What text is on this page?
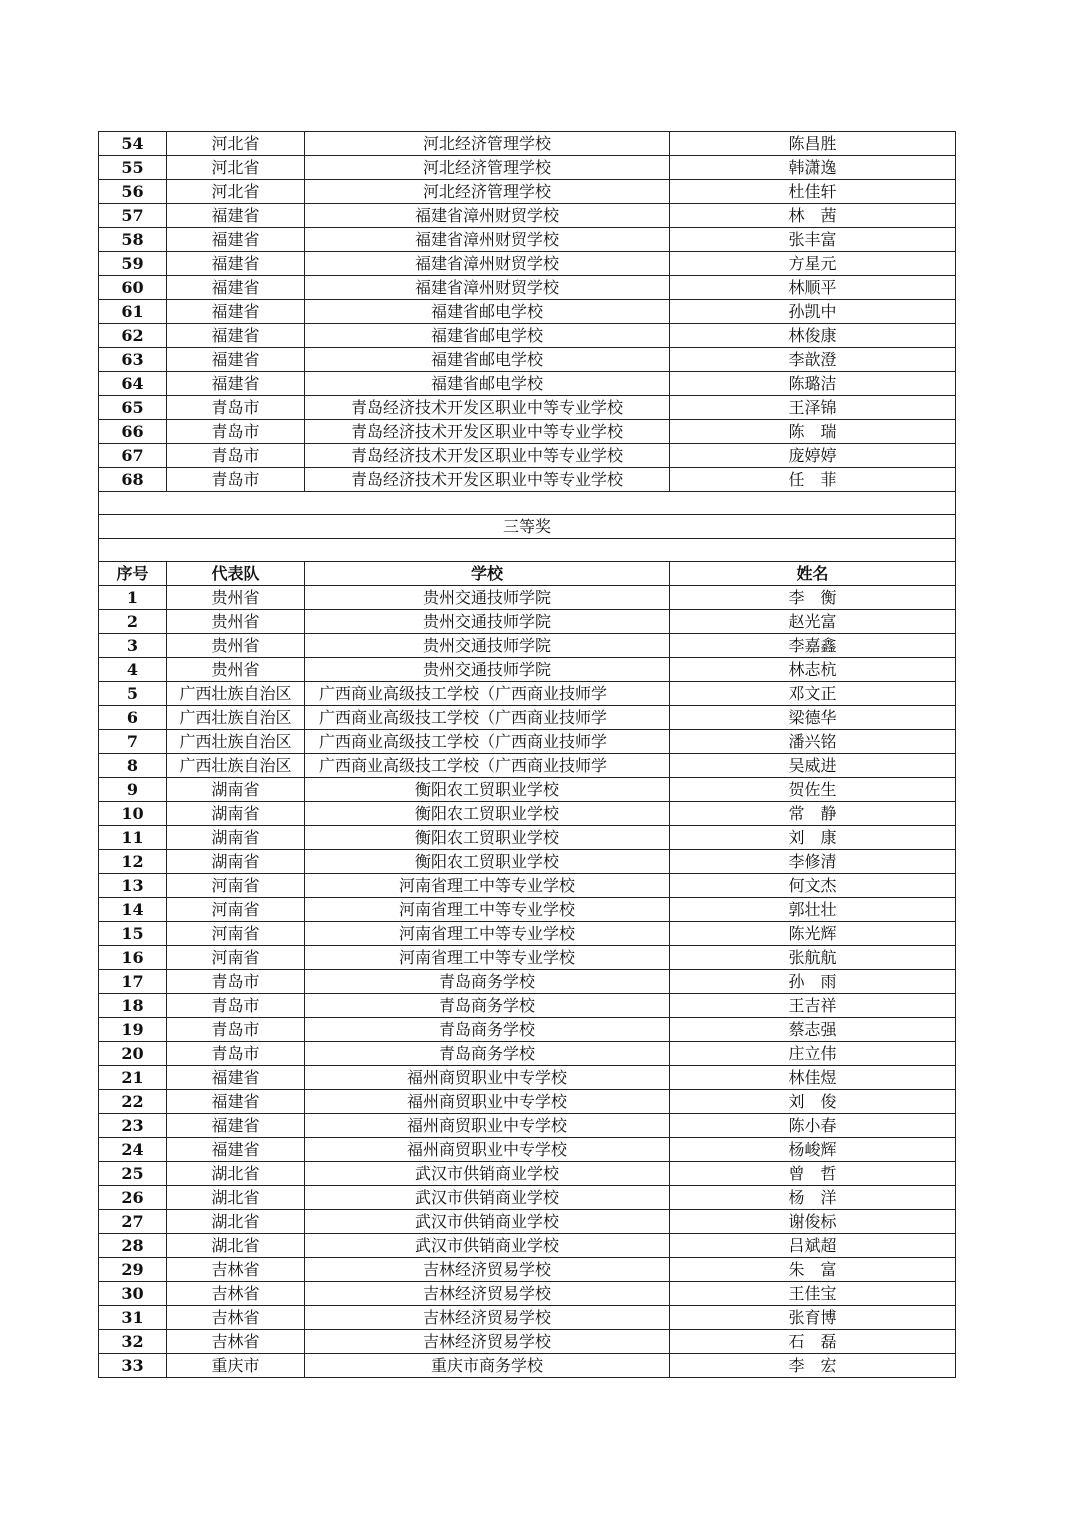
54	河北省	河北经济管理学校	陈昌胜
55	河北省	河北经济管理学校	韩潇逸
56	河北省	河北经济管理学校	杜佳轩
57	福建省	福建省漳州财贸学校	林　茜
58	福建省	福建省漳州财贸学校	张丰富
59	福建省	福建省漳州财贸学校	方星元
60	福建省	福建省漳州财贸学校	林顺平
61	福建省	福建省邮电学校	孙凯中
62	福建省	福建省邮电学校	林俊康
63	福建省	福建省邮电学校	李歆澄
64	福建省	福建省邮电学校	陈璐洁
65	青岛市	青岛经济技术开发区职业中等专业学校	王泽锦
66	青岛市	青岛经济技术开发区职业中等专业学校	陈　瑞
67	青岛市	青岛经济技术开发区职业中等专业学校	庞婷婷
68	青岛市	青岛经济技术开发区职业中等专业学校	任　菲

三等奖			

序号	代表队	学校	姓名
1	贵州省	贵州交通技师学院	李　衡
2	贵州省	贵州交通技师学院	赵光富
3	贵州省	贵州交通技师学院	李嘉鑫
4	贵州省	贵州交通技师学院	林志杭
5	广西壮族自治区	广西商业高级技工学校（广西商业技师学	邓文正
6	广西壮族自治区	广西商业高级技工学校（广西商业技师学	梁德华
7	广西壮族自治区	广西商业高级技工学校（广西商业技师学	潘兴铭
8	广西壮族自治区	广西商业高级技工学校（广西商业技师学	吴威进
9	湖南省	衡阳农工贸职业学校	贺佐生
10	湖南省	衡阳农工贸职业学校	常　静
11	湖南省	衡阳农工贸职业学校	刘　康
12	湖南省	衡阳农工贸职业学校	李修清
13	河南省	河南省理工中等专业学校	何文杰
14	河南省	河南省理工中等专业学校	郭壮壮
15	河南省	河南省理工中等专业学校	陈光辉
16	河南省	河南省理工中等专业学校	张航航
17	青岛市	青岛商务学校	孙　雨
18	青岛市	青岛商务学校	王吉祥
19	青岛市	青岛商务学校	蔡志强
20	青岛市	青岛商务学校	庄立伟
21	福建省	福州商贸职业中专学校	林佳煜
22	福建省	福州商贸职业中专学校	刘　俊
23	福建省	福州商贸职业中专学校	陈小春
24	福建省	福州商贸职业中专学校	杨峻辉
25	湖北省	武汉市供销商业学校	曾　哲
26	湖北省	武汉市供销商业学校	杨　洋
27	湖北省	武汉市供销商业学校	谢俊标
28	湖北省	武汉市供销商业学校	吕斌超
29	吉林省	吉林经济贸易学校	朱　富
30	吉林省	吉林经济贸易学校	王佳宝
31	吉林省	吉林经济贸易学校	张育博
32	吉林省	吉林经济贸易学校	石　磊
33	重庆市	重庆市商务学校	李　宏
